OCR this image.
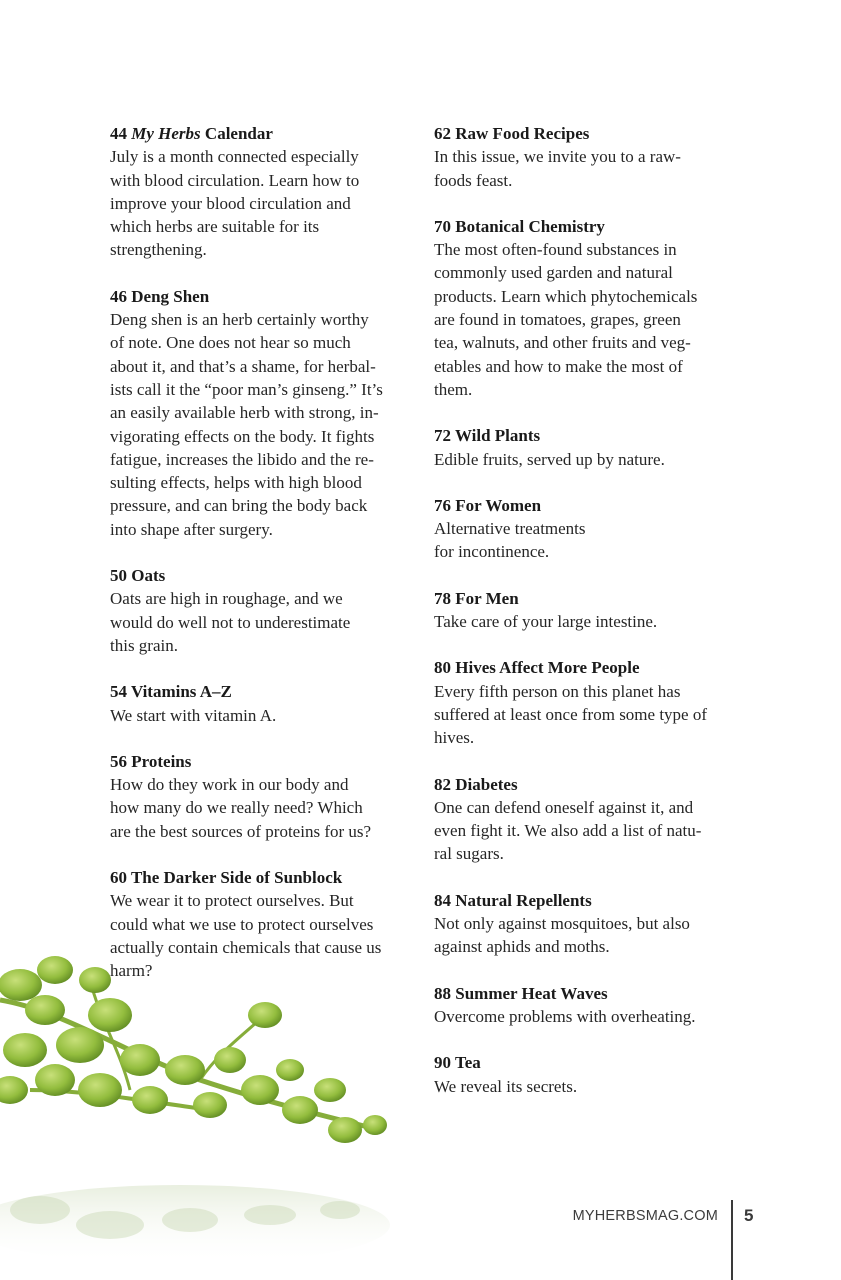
44 My Herbs Calendar

July is a month connected especially
with blood circulation. Learn how to
improve your blood circulation and
which herbs are suitable for its
strengthening.

46 Deng Shen

Deng shen is an herb certainly worthy
of note. One does not hear so much
about it, and that’s a shame, for herbal-
ists call it the “poor man’s ginseng.” It’s
an easily available herb with strong, in-
vigorating effects on the body. It fights
fatigue, increases the libido and the re-
sulting effects, helps with high blood
pressure, and can bring the body back
into shape after surgery.

50 Oats

Oats are high in roughage, and we
would do well not to underestimate
this grain.

54 Vitamins A–Z

We start with vitamin A.

56 Proteins

How do they work in our body and
how many do we really need? Which
are the best sources of proteins for us?

60 The Darker Side of Sunblock

We wear it to protect ourselves. But
could what we use to protect ourselves
actually contain chemicals that cause us
harm?

62 Raw Food Recipes

In this issue, we invite you to a raw-
foods feast.

70 Botanical Chemistry

The most often-found substances in
commonly used garden and natural
products. Learn which phytochemicals
are found in tomatoes, grapes, green
tea, walnuts, and other fruits and veg-
etables and how to make the most of
them.

72 Wild Plants

Edible fruits, served up by nature.

76 For Women

Alternative treatments
for incontinence.

78 For Men

Take care of your large intestine.

80 Hives Affect More People

Every fifth person on this planet has
suffered at least once from some type of
hives.

82 Diabetes

One can defend oneself against it, and
even fight it. We also add a list of natu-
ral sugars.

84 Natural Repellents

Not only against mosquitoes, but also
against aphids and moths.

88 Summer Heat Waves

Overcome problems with overheating.

90 Tea

We reveal its secrets.

MYHERBSMAG.COM 5
